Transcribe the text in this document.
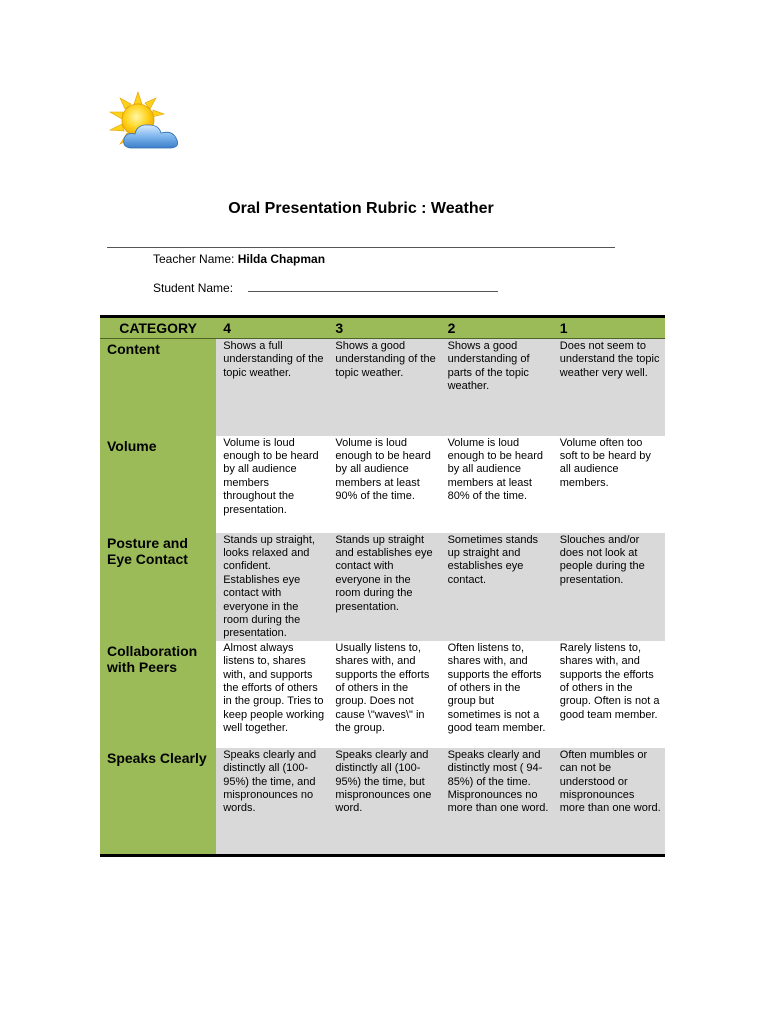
Oral Presentation Rubric : Weather
Teacher Name: Hilda Chapman
Student Name:
CATEGORY	4	3	2	1
Content	Shows a full understanding of the topic weather.	Shows a good understanding of the topic weather.	Shows a good understanding of parts of the topic weather.	Does not seem to understand the topic weather very well.
Volume	Volume is loud enough to be heard by all audience members throughout the presentation.	Volume is loud enough to be heard by all audience members at least 90% of the time.	Volume is loud enough to be heard by all audience members at least 80% of the time.	Volume often too soft to be heard by all audience members.
Posture and Eye Contact	Stands up straight, looks relaxed and confident. Establishes eye contact with everyone in the room during the presentation.	Stands up straight and establishes eye contact with everyone in the room during the presentation.	Sometimes stands up straight and establishes eye contact.	Slouches and/or does not look at people during the presentation.
Collaboration with Peers	Almost always listens to, shares with, and supports the efforts of others in the group. Tries to keep people working well together.	Usually listens to, shares with, and supports the efforts of others in the group. Does not cause \"waves\" in the group.	Often listens to, shares with, and supports the efforts of others in the group but sometimes is not a good team member.	Rarely listens to, shares with, and supports the efforts of others in the group. Often is not a good team member.
Speaks Clearly	Speaks clearly and distinctly all (100-95%) the time, and mispronounces no words.	Speaks clearly and distinctly all (100-95%) the time, but mispronounces one word.	Speaks clearly and distinctly most ( 94-85%) of the time. Mispronounces no more than one word.	Often mumbles or can not be understood or mispronounces more than one word.
